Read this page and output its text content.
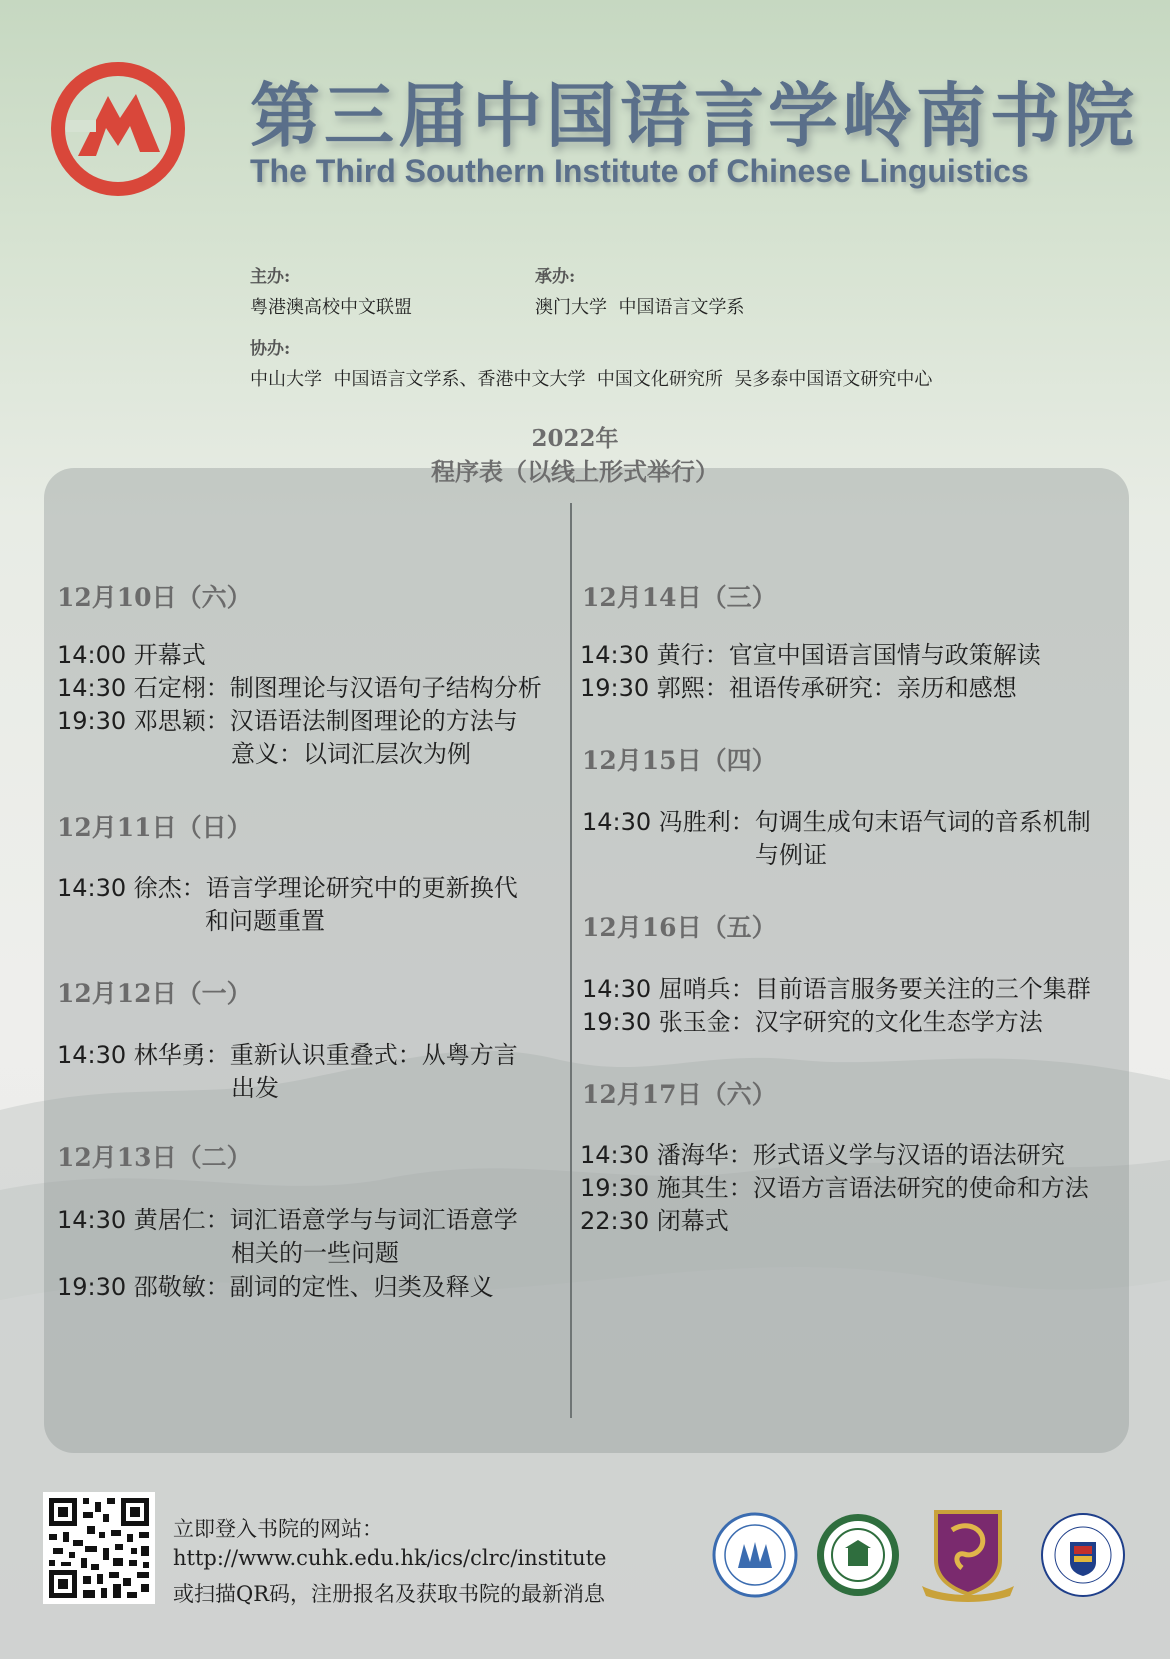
第三届中国语言学岭南书院
The Third Southern Institute of Chinese Linguistics
主办:
粤港澳高校中文联盟
承办:
澳门大学  中国语言文学系
协办:
中山大学  中国语言文学系、香港中文大学  中国文化研究所  吴多泰中国语文研究中心
2022年
程序表（以线上形式举行）
12月10日（六）
14:00 开幕式
14:30 石定栩：制图理论与汉语句子结构分析
19:30 邓思颖：汉语语法制图理论的方法与
意义：以词汇层次为例
12月11日（日）
14:30 徐杰：语言学理论研究中的更新换代
和问题重置
12月12日（一）
14:30 林华勇：重新认识重叠式：从粤方言
出发
12月13日（二）
14:30 黄居仁：词汇语意学与与词汇语意学
相关的一些问题
19:30 邵敬敏：副词的定性、归类及释义
12月14日（三）
14:30 黄行：官宣中国语言国情与政策解读
19:30 郭熙：祖语传承研究：亲历和感想
12月15日（四）
14:30 冯胜利：句调生成句末语气词的音系机制
与例证
12月16日（五）
14:30 屈哨兵：目前语言服务要关注的三个集群
19:30 张玉金：汉字研究的文化生态学方法
12月17日（六）
14:30 潘海华：形式语义学与汉语的语法研究
19:30 施其生：汉语方言语法研究的使命和方法
22:30 闭幕式
立即登入书院的网站：
http://www.cuhk.edu.hk/ics/clrc/institute
或扫描QR码，注册报名及获取书院的最新消息
